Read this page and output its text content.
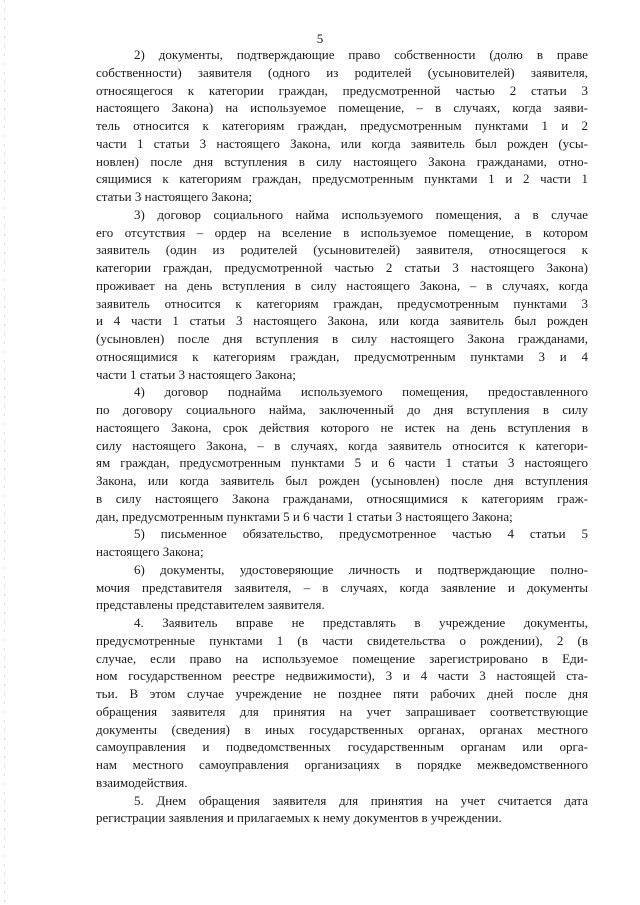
5
2) документы, подтверждающие право собственности (долю в праве
собственности) заявителя (одного из родителей (усыновителей) заявителя,
относящегося к категории граждан, предусмотренной частью 2 статьи 3
настоящего Закона) на используемое помещение, – в случаях, когда заяви-
тель относится к категориям граждан, предусмотренным пунктами 1 и 2
части 1 статьи 3 настоящего Закона, или когда заявитель был рожден (усы-
новлен) после дня вступления в силу настоящего Закона гражданами, отно-
сящимися к категориям граждан, предусмотренным пунктами 1 и 2 части 1
статьи 3 настоящего Закона;
3) договор социального найма используемого помещения, а в случае
его отсутствия – ордер на вселение в используемое помещение, в котором
заявитель (один из родителей (усыновителей) заявителя, относящегося к
категории граждан, предусмотренной частью 2 статьи 3 настоящего Закона)
проживает на день вступления в силу настоящего Закона, – в случаях, когда
заявитель относится к категориям граждан, предусмотренным пунктами 3
и 4 части 1 статьи 3 настоящего Закона, или когда заявитель был рожден
(усыновлен) после дня вступления в силу настоящего Закона гражданами,
относящимися к категориям граждан, предусмотренным пунктами 3 и 4
части 1 статьи 3 настоящего Закона;
4) договор поднайма используемого помещения, предоставленного
по договору социального найма, заключенный до дня вступления в силу
настоящего Закона, срок действия которого не истек на день вступления в
силу настоящего Закона, – в случаях, когда заявитель относится к категори-
ям граждан, предусмотренным пунктами 5 и 6 части 1 статьи 3 настоящего
Закона, или когда заявитель был рожден (усыновлен) после дня вступления
в силу настоящего Закона гражданами, относящимися к категориям граж-
дан, предусмотренным пунктами 5 и 6 части 1 статьи 3 настоящего Закона;
5) письменное обязательство, предусмотренное частью 4 статьи 5
настоящего Закона;
6) документы, удостоверяющие личность и подтверждающие полно-
мочия представителя заявителя, – в случаях, когда заявление и документы
представлены представителем заявителя.
4. Заявитель вправе не представлять в учреждение документы,
предусмотренные пунктами 1 (в части свидетельства о рождении), 2 (в
случае, если право на используемое помещение зарегистрировано в Еди-
ном государственном реестре недвижимости), 3 и 4 части 3 настоящей ста-
тьи. В этом случае учреждение не позднее пяти рабочих дней после дня
обращения заявителя для принятия на учет запрашивает соответствующие
документы (сведения) в иных государственных органах, органах местного
самоуправления и подведомственных государственным органам или орга-
нам местного самоуправления организациях в порядке межведомственного
взаимодействия.
5. Днем обращения заявителя для принятия на учет считается дата
регистрации заявления и прилагаемых к нему документов в учреждении.
